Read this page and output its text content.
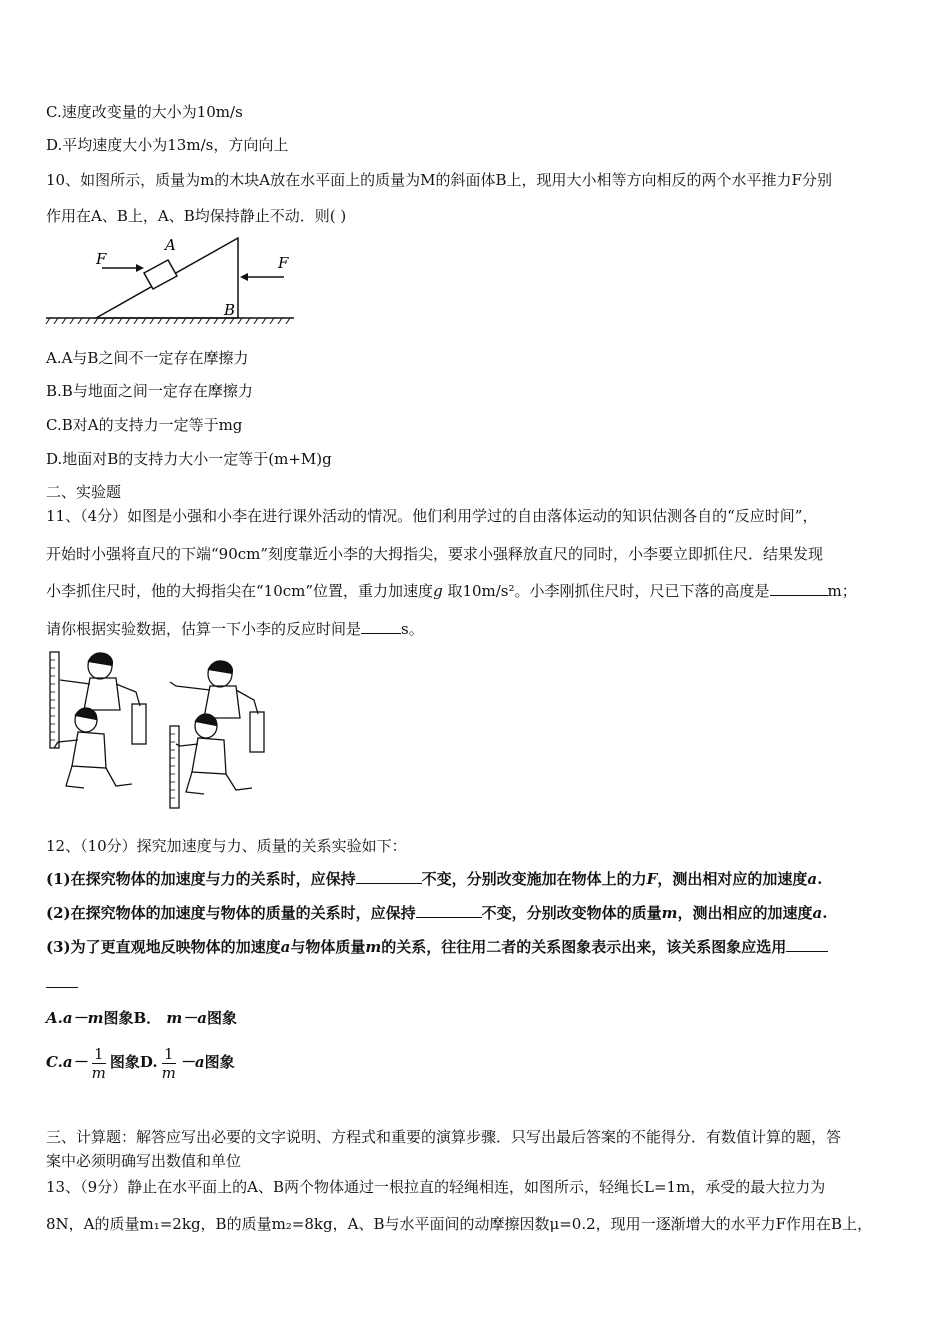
C.速度改变量的大小为10m/s
D.平均速度大小为13m/s，方向向上
10、如图所示，质量为m的木块A放在水平面上的质量为M的斜面体B上，现用大小相等方向相反的两个水平推力F分别
作用在A、B上，A、B均保持静止不动．则( )
F
A
F
B
A.A与B之间不一定存在摩擦力
B.B与地面之间一定存在摩擦力
C.B对A的支持力一定等于mg
D.地面对B的支持力大小一定等于(m+M)g
二、实验题
11、（4分）如图是小强和小李在进行课外活动的情况。他们利用学过的自由落体运动的知识估测各自的“反应时间”，
开始时小强将直尺的下端“90cm”刻度靠近小李的大拇指尖，要求小强释放直尺的同时，小李要立即抓住尺．结果发现
小李抓住尺时，他的大拇指尖在“10cm”位置，重力加速度g 取10m/s²。小李刚抓住尺时，尺已下落的高度是	m；
请你根据实验数据，估算一下小李的反应时间是	s。
12、（10分）探究加速度与力、质量的关系实验如下：
(1)在探究物体的加速度与力的关系时，应保持	不变，分别改变施加在物体上的力F，测出相对应的加速度a.
(2)在探究物体的加速度与物体的质量的关系时，应保持	不变，分别改变物体的质量m，测出相应的加速度a.
(3)为了更直观地反映物体的加速度a与物体质量m的关系，往往用二者的关系图象表示出来，该关系图象应选用
A.a－m图象B． m－a图象
$C.a- \frac{1}{m}$ 图象D. $\frac{1}{m} -a$图象
三、计算题：解答应写出必要的文字说明、方程式和重要的演算步骤．只写出最后答案的不能得分．有数值计算的题，答
案中必须明确写出数值和单位
13、（9分）静止在水平面上的A、B两个物体通过一根拉直的轻绳相连，如图所示，轻绳长L=1m，承受的最大拉力为
8N，A的质量m₁=2kg，B的质量m₂=8kg，A、B与水平面间的动摩擦因数μ=0.2，现用一逐渐增大的水平力F作用在B上，
